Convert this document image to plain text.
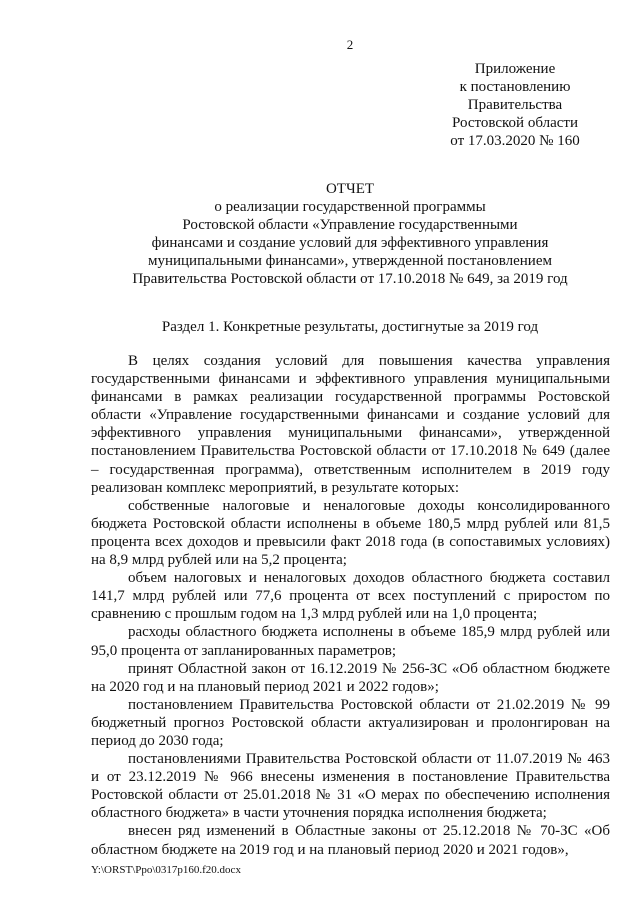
2
Приложение
к постановлению
Правительства
Ростовской области
от 17.03.2020 № 160
ОТЧЕТ
о реализации государственной программы
Ростовской области «Управление государственными
финансами и создание условий для эффективного управления
муниципальными финансами», утвержденной постановлением
Правительства Ростовской области от 17.10.2018 № 649, за 2019 год
Раздел 1. Конкретные результаты, достигнутые за 2019 год

В целях создания условий для повышения качества управления государственными финансами и эффективного управления муниципальными финансами в рамках реализации государственной программы Ростовской области «Управление государственными финансами и создание условий для эффективного управления муниципальными финансами», утвержденной постановлением Правительства Ростовской области от 17.10.2018 № 649 (далее – государственная программа), ответственным исполнителем в 2019 году реализован комплекс мероприятий, в результате которых:

собственные налоговые и неналоговые доходы консолидированного бюджета Ростовской области исполнены в объеме 180,5 млрд рублей или 81,5 процента всех доходов и превысили факт 2018 года (в сопоставимых условиях) на 8,9 млрд рублей или на 5,2 процента;

объем налоговых и неналоговых доходов областного бюджета составил 141,7 млрд рублей или 77,6 процента от всех поступлений с приростом по сравнению с прошлым годом на 1,3 млрд рублей или на 1,0 процента;

расходы областного бюджета исполнены в объеме 185,9 млрд рублей или 95,0 процента от запланированных параметров;

принят Областной закон от 16.12.2019 № 256-ЗС «Об областном бюджете на 2020 год и на плановый период 2021 и 2022 годов»;

постановлением Правительства Ростовской области от 21.02.2019 № 99 бюджетный прогноз Ростовской области актуализирован и пролонгирован на период до 2030 года;

постановлениями Правительства Ростовской области от 11.07.2019 № 463 и от 23.12.2019 № 966 внесены изменения в постановление Правительства Ростовской области от 25.01.2018 № 31 «О мерах по обеспечению исполнения областного бюджета» в части уточнения порядка исполнения бюджета;

внесен ряд изменений в Областные законы от 25.12.2018 № 70-ЗС «Об областном бюджете на 2019 год и на плановый период 2020 и 2021 годов»,

Y:\ORST\Ppo\0317p160.f20.docx
